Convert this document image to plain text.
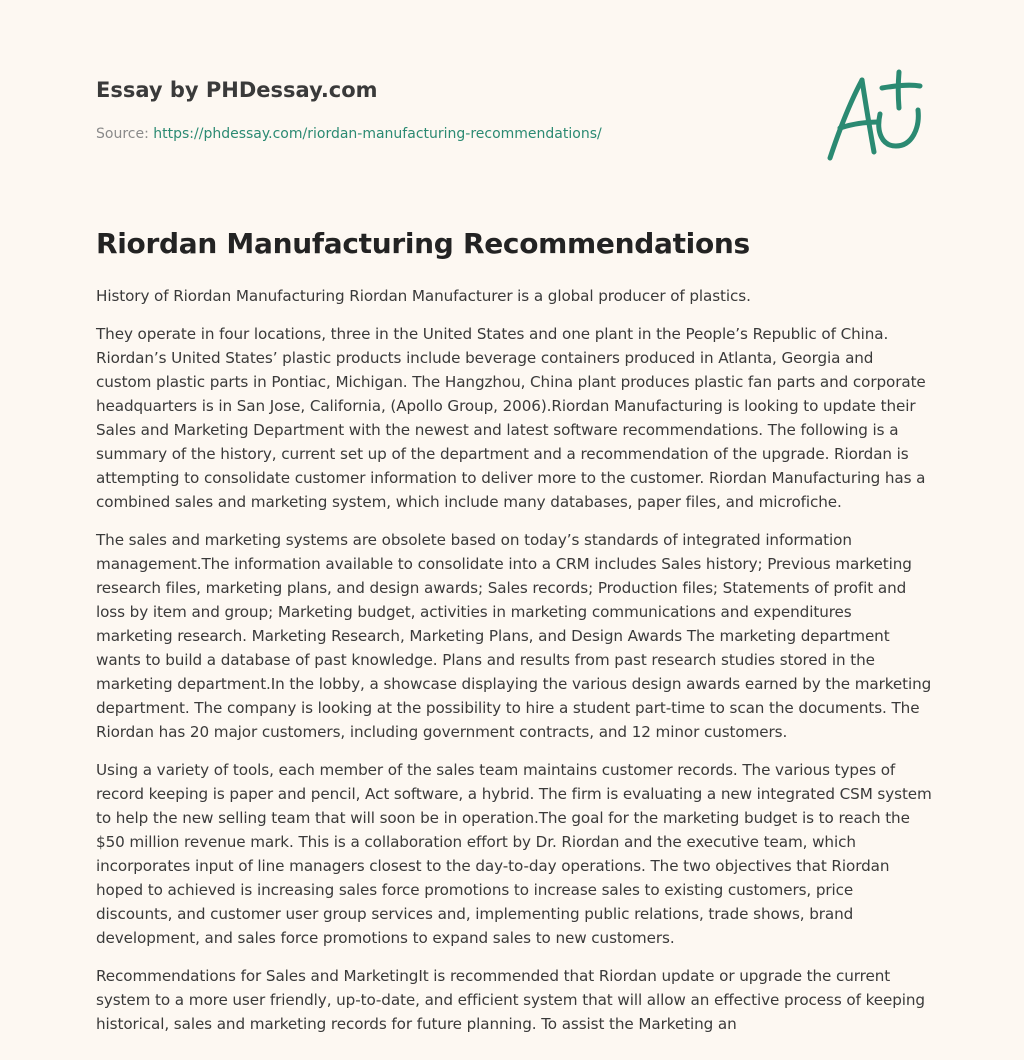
Essay by PHDessay.com
Source: https://phdessay.com/riordan-manufacturing-recommendations/
Riordan Manufacturing Recommendations

History of Riordan Manufacturing Riordan Manufacturer is a global producer of plastics.

They operate in four locations, three in the United States and one plant in the People’s Republic of China. Riordan’s United States’ plastic products include beverage containers produced in Atlanta, Georgia and custom plastic parts in Pontiac, Michigan. The Hangzhou, China plant produces plastic fan parts and corporate headquarters is in San Jose, California, (Apollo Group, 2006).Riordan Manufacturing is looking to update their Sales and Marketing Department with the newest and latest software recommendations. The following is a summary of the history, current set up of the department and a recommendation of the upgrade. Riordan is attempting to consolidate customer information to deliver more to the customer. Riordan Manufacturing has a combined sales and marketing system, which include many databases, paper files, and microfiche.

The sales and marketing systems are obsolete based on today’s standards of integrated information management.The information available to consolidate into a CRM includes Sales history; Previous marketing research files, marketing plans, and design awards; Sales records; Production files; Statements of profit and loss by item and group; Marketing budget, activities in marketing communications and expenditures marketing research. Marketing Research, Marketing Plans, and Design Awards The marketing department wants to build a database of past knowledge. Plans and results from past research studies stored in the marketing department.In the lobby, a showcase displaying the various design awards earned by the marketing department. The company is looking at the possibility to hire a student part-time to scan the documents. The Riordan has 20 major customers, including government contracts, and 12 minor customers.

Using a variety of tools, each member of the sales team maintains customer records. The various types of record keeping is paper and pencil, Act software, a hybrid. The firm is evaluating a new integrated CSM system to help the new selling team that will soon be in operation.The goal for the marketing budget is to reach the $50 million revenue mark. This is a collaboration effort by Dr. Riordan and the executive team, which incorporates input of line managers closest to the day-to-day operations. The two objectives that Riordan hoped to achieved is increasing sales force promotions to increase sales to existing customers, price discounts, and customer user group services and, implementing public relations, trade shows, brand development, and sales force promotions to expand sales to new customers.

Recommendations for Sales and MarketingIt is recommended that Riordan update or upgrade the current system to a more user friendly, up-to-date, and efficient system that will allow an effective process of keeping historical, sales and marketing records for future planning. To assist the Marketing an
